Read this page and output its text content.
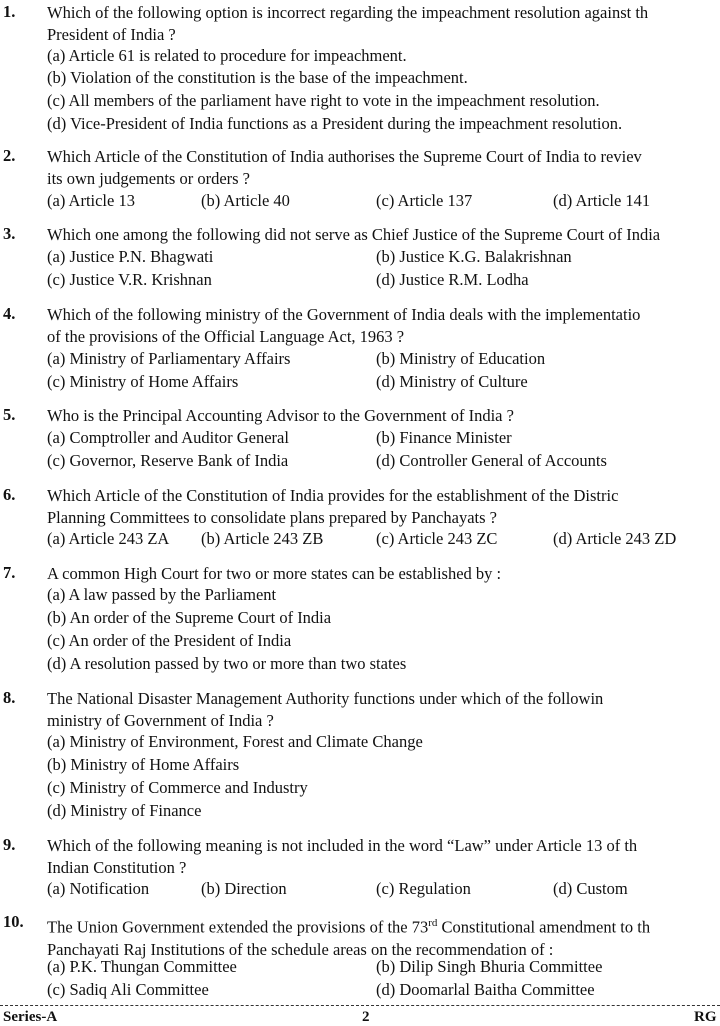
1. Which of the following option is incorrect regarding the impeachment resolution against th
President of India ?
(a) Article 61 is related to procedure for impeachment.
(b) Violation of the constitution is the base of the impeachment.
(c) All members of the parliament have right to vote in the impeachment resolution.
(d) Vice-President of India functions as a President during the impeachment resolution.
2. Which Article of the Constitution of India authorises the Supreme Court of India to reviev
its own judgements or orders ?
(a) Article 13	(b) Article 40	(c) Article 137	(d) Article 141
3. Which one among the following did not serve as Chief Justice of the Supreme Court of India
(a) Justice P.N. Bhagwati	(b) Justice K.G. Balakrishnan
(c) Justice V.R. Krishnan	(d) Justice R.M. Lodha
4. Which of the following ministry of the Government of India deals with the implementatio
of the provisions of the Official Language Act, 1963 ?
(a) Ministry of Parliamentary Affairs	(b) Ministry of Education
(c) Ministry of Home Affairs	(d) Ministry of Culture
5. Who is the Principal Accounting Advisor to the Government of India ?
(a) Comptroller and Auditor General	(b) Finance Minister
(c) Governor, Reserve Bank of India	(d) Controller General of Accounts
6. Which Article of the Constitution of India provides for the establishment of the Distric
Planning Committees to consolidate plans prepared by Panchayats ?
(a) Article 243 ZA (b) Article 243 ZB	(c) Article 243 ZC	(d) Article 243 ZD
7. A common High Court for two or more states can be established by :
(a) A law passed by the Parliament
(b) An order of the Supreme Court of India
(c) An order of the President of India
(d) A resolution passed by two or more than two states
8. The National Disaster Management Authority functions under which of the followin
ministry of Government of India ?
(a) Ministry of Environment, Forest and Climate Change
(b) Ministry of Home Affairs
(c) Ministry of Commerce and Industry
(d) Ministry of Finance
9. Which of the following meaning is not included in the word “Law” under Article 13 of th
Indian Constitution ?
(a) Notification	(b) Direction	(c) Regulation	(d) Custom
10. The Union Government extended the provisions of the 73rd Constitutional amendment to th
Panchayati Raj Institutions of the schedule areas on the recommendation of :
(a) P.K. Thungan Committee	(b) Dilip Singh Bhuria Committee
(c) Sadiq Ali Committee	(d) Doomarlal Baitha Committee
Series-A	2	RG
